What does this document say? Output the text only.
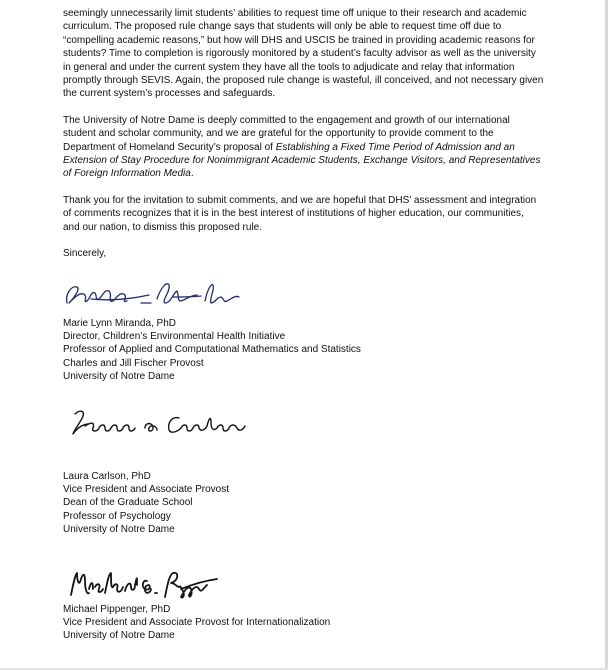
seemingly unnecessarily limit students’ abilities to request time off unique to their research and academic
curriculum. The proposed rule change says that students will only be able to request time off due to
“compelling academic reasons,” but how will DHS and USCIS be trained in providing academic reasons for
students? Time to completion is rigorously monitored by a student’s faculty advisor as well as the university
in general and under the current system they have all the tools to adjudicate and relay that information
promptly through SEVIS. Again, the proposed rule change is wasteful, ill conceived, and not necessary given
the current system’s processes and safeguards.

The University of Notre Dame is deeply committed to the engagement and growth of our international
student and scholar community, and we are grateful for the opportunity to provide comment to the
Department of Homeland Security’s proposal of Establishing a Fixed Time Period of Admission and an
Extension of Stay Procedure for Nonimmigrant Academic Students, Exchange Visitors, and Representatives
of Foreign Information Media.

Thank you for the invitation to submit comments, and we are hopeful that DHS’ assessment and integration
of comments recognizes that it is in the best interest of institutions of higher education, our communities,
and our nation, to dismiss this proposed rule.

Sincerely,

Marie Lynn Miranda, PhD
Director, Children’s Environmental Health Initiative
Professor of Applied and Computational Mathematics and Statistics
Charles and Jill Fischer Provost
University of Notre Dame
Laura Carlson, PhD
Vice President and Associate Provost
Dean of the Graduate School
Professor of Psychology
University of Notre Dame
Michael Pippenger, PhD
Vice President and Associate Provost for Internationalization
University of Notre Dame
